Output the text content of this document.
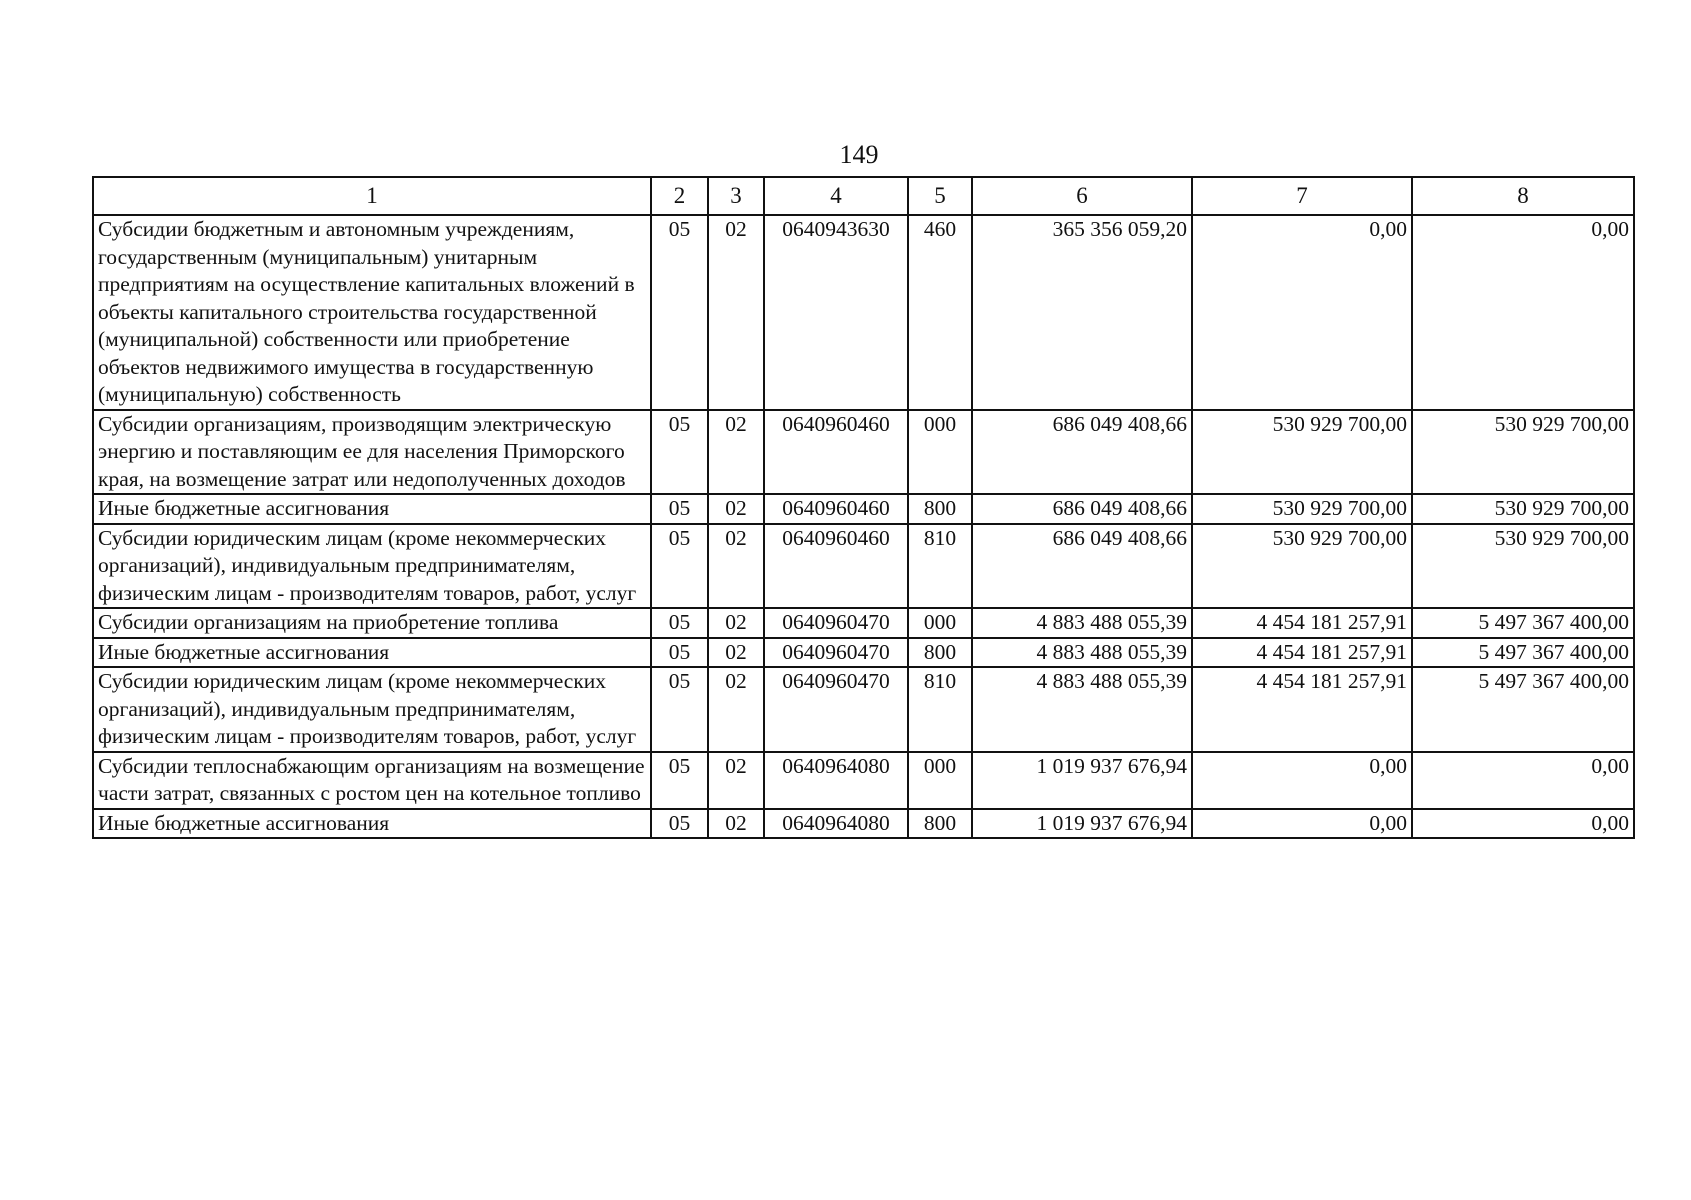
149
1	2	3	4	5	6	7	8
Субсидии бюджетным и автономным учреждениям, государственным (муниципальным) унитарным предприятиям на осуществление капитальных вложений в объекты капитального строительства государственной (муниципальной) собственности или приобретение объектов недвижимого имущества в государственную (муниципальную) собственность	05	02	0640943630	460	365 356 059,20	0,00	0,00
Субсидии организациям, производящим электрическую энергию и поставляющим ее для населения Приморского края, на возмещение затрат или недополученных доходов	05	02	0640960460	000	686 049 408,66	530 929 700,00	530 929 700,00
Иные бюджетные ассигнования	05	02	0640960460	800	686 049 408,66	530 929 700,00	530 929 700,00
Субсидии юридическим лицам (кроме некоммерческих организаций), индивидуальным предпринимателям, физическим лицам - производителям товаров, работ, услуг	05	02	0640960460	810	686 049 408,66	530 929 700,00	530 929 700,00
Субсидии организациям на приобретение топлива	05	02	0640960470	000	4 883 488 055,39	4 454 181 257,91	5 497 367 400,00
Иные бюджетные ассигнования	05	02	0640960470	800	4 883 488 055,39	4 454 181 257,91	5 497 367 400,00
Субсидии юридическим лицам (кроме некоммерческих организаций), индивидуальным предпринимателям, физическим лицам - производителям товаров, работ, услуг	05	02	0640960470	810	4 883 488 055,39	4 454 181 257,91	5 497 367 400,00
Субсидии теплоснабжающим организациям на возмещение части затрат, связанных с ростом цен на котельное топливо	05	02	0640964080	000	1 019 937 676,94	0,00	0,00
Иные бюджетные ассигнования	05	02	0640964080	800	1 019 937 676,94	0,00	0,00
